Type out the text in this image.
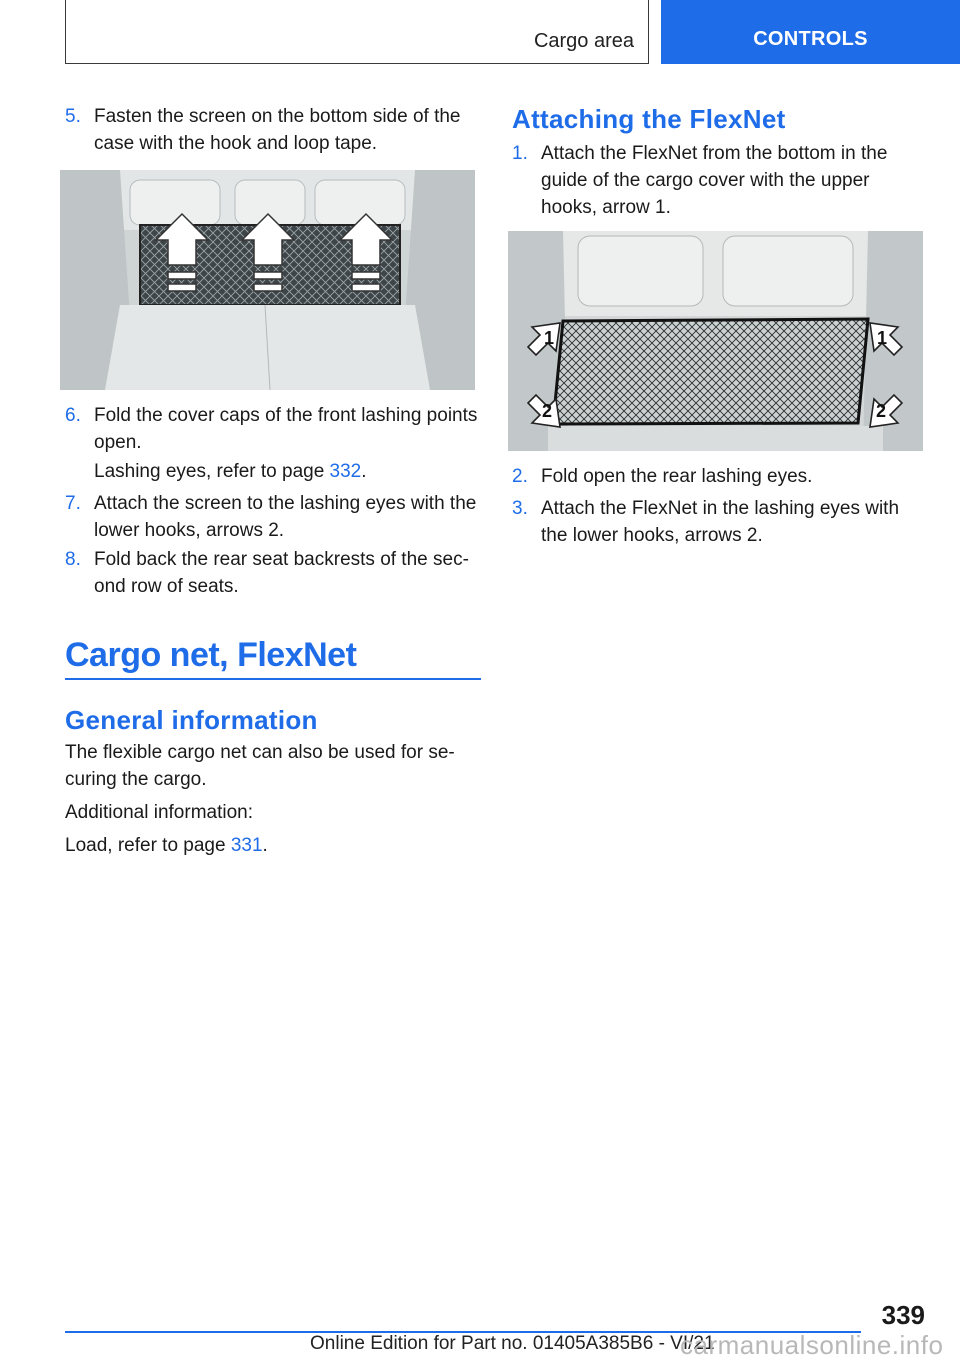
Cargo area	CONTROLS
5. Fasten the screen on the bottom side of the case with the hook and loop tape.
6. Fold the cover caps of the front lashing points open.
Lashing eyes, refer to page 332.
7. Attach the screen to the lashing eyes with the lower hooks, arrows 2.
8. Fold back the rear seat backrests of the sec-ond row of seats.
Cargo net, FlexNet
General information
The flexible cargo net can also be used for se-curing the cargo.
Additional information:
Load, refer to page 331.
Attaching the FlexNet
1. Attach the FlexNet from the bottom in the guide of the cargo cover with the upper hooks, arrow 1.
1	1
2	2
2. Fold open the rear lashing eyes.
3. Attach the FlexNet in the lashing eyes with the lower hooks, arrows 2.
339
Online Edition for Part no. 01405A385B6 - VI/21
carmanualsonline.info
